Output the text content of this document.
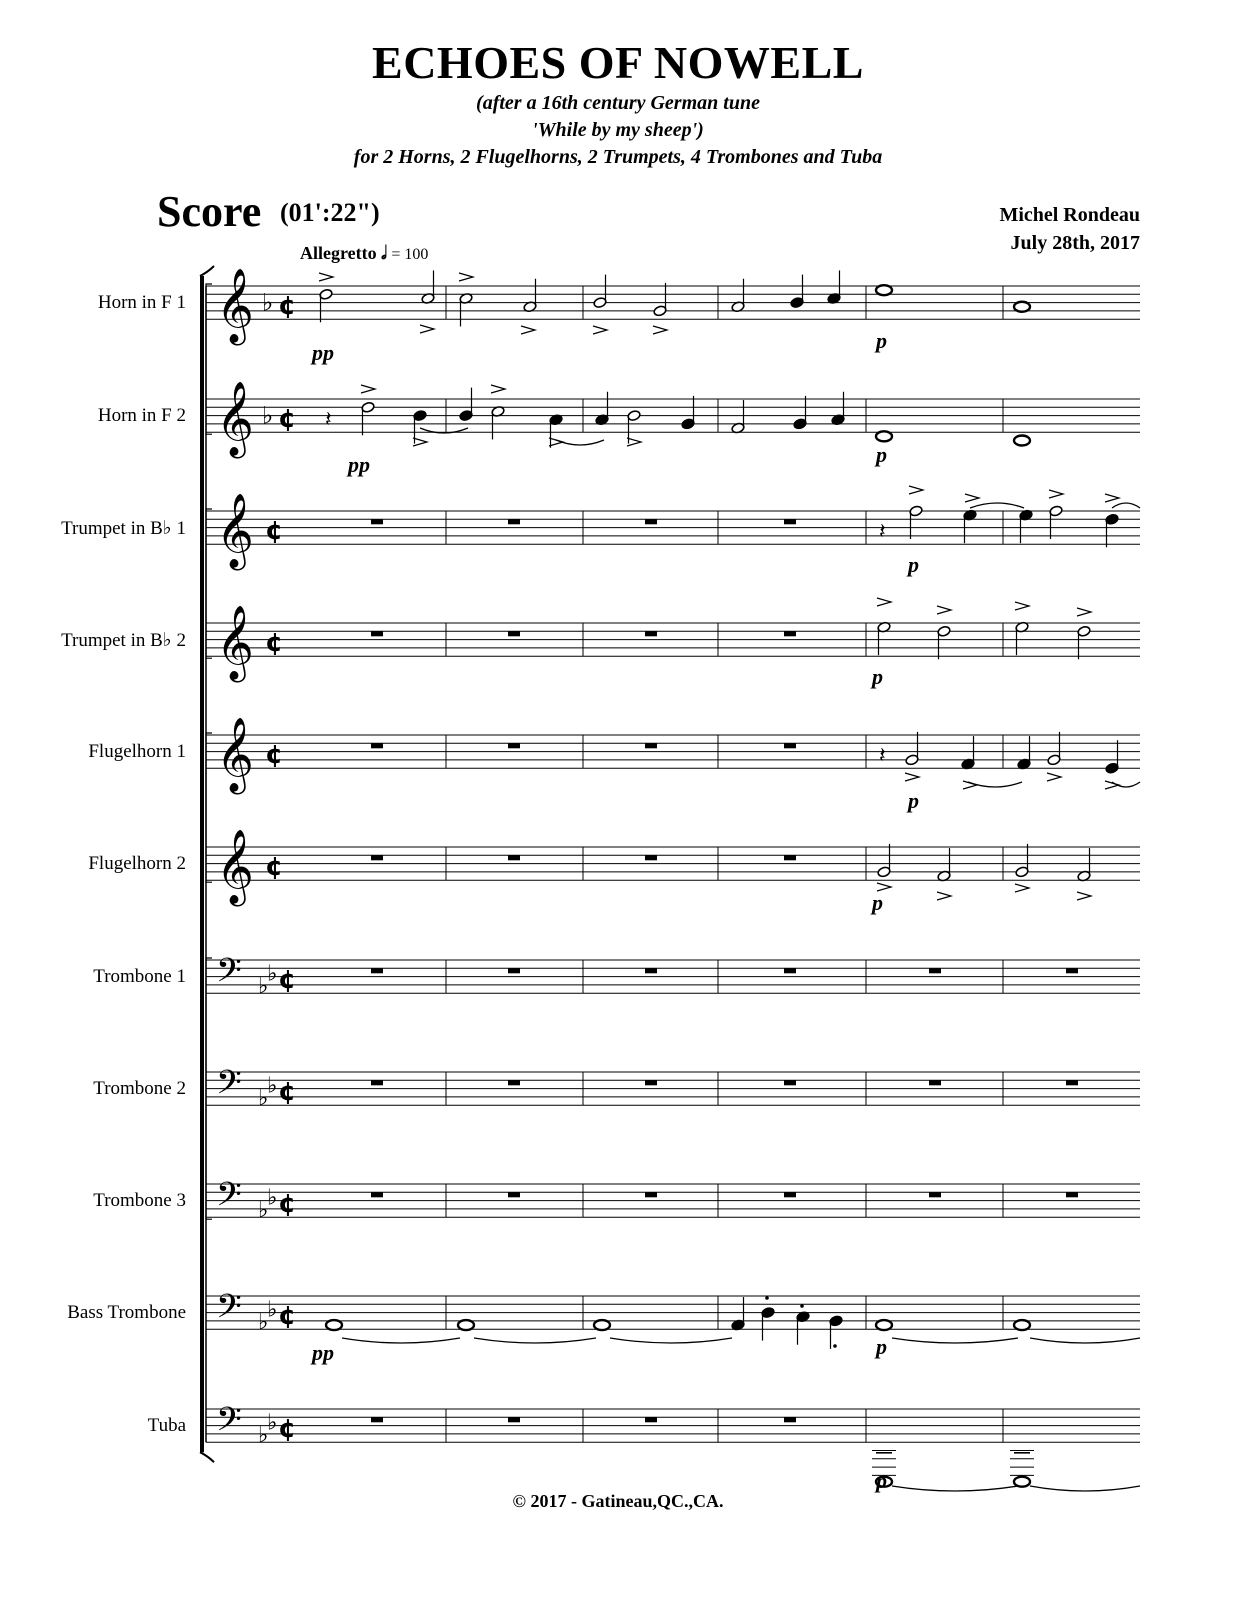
ECHOES OF NOWELL
(after a 16th century German tune
'While by my sheep')
for 2 Horns, 2 Flugelhorns, 2 Trumpets, 4 Trombones and Tuba
Score (01':22")	Michel Rondeau
July 28th, 2017
Allegretto 𝅗𝅥 = 100
Horn in F 1
Horn in F 2
Trumpet in B♭ 1
Trumpet in B♭ 2
Flugelhorn 1
Flugelhorn 2
Trombone 1
Trombone 2
Trombone 3
Bass Trombone
Tuba
𝄞 ♭ ¢
𝄞 ♭ ¢
𝄞 ¢
𝄞 ¢
𝄞 ¢
𝄞 ¢
𝄢 ♭
♭ ¢
𝄢 ♭
♭ ¢
𝄢 ♭
♭ ¢
𝄢 ♭
♭ ¢
𝄢 ♭
♭ ¢
p
pp
𝄽
p
pp
𝄽
p
p
𝄽
p
p
pp	p
p
© 2017 - Gatineau,QC.,CA.
